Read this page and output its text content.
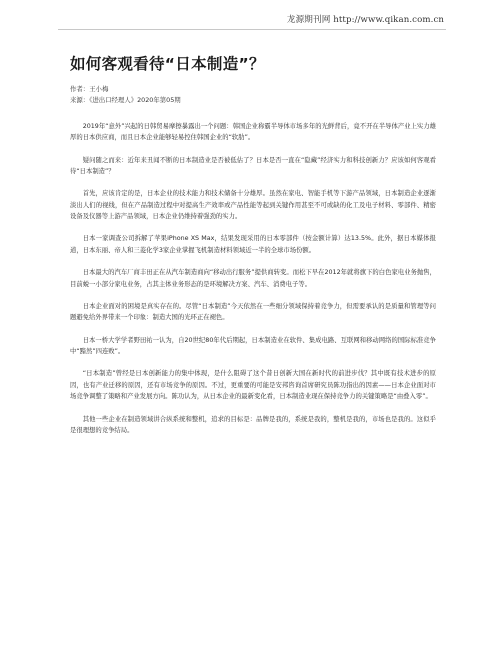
龙源期刊网 http://www.qikan.com.cn
如何客观看待“日本制造”？
作者：王小梅
来源：《进出口经理人》2020年第05期

2019年“意外”兴起的日韩贸易摩擦暴露出一个问题：韩国企业称霸半导体市场多年的光鲜背后，竟不开在半导体产业上实力雄厚的日本供应商，而且日本企业能够轻易控住韩国企业的“软肋”。

疑问随之而来：近年来丑闻不断的日本制造业是否被低估了？日本是否一直在“隐藏”经济实力和科技创新力？应该如何客观看待“日本制造”？

首先，应该肯定的是，日本企业的技术能力和技术储备十分雄厚。虽然在家电、智能手机等下游产品领域，日本制造企业逐渐淡出人们的视线，但在产品制造过程中对提高生产效率或产品性能等起到关键作用甚至不可或缺的化工及电子材料、零部件、精密设备及仪器等上游产品领域，日本企业仍维持着强劲的实力。

日本一家调查公司拆解了苹果iPhone XS Max，结果发现采用的日本零部件（按金额计算）达13.5%。此外，据日本媒体报道，日本东丽、帝人和三菱化学3家企业掌握飞机制造材料领域近一半的全球市场份额。

日本最大的汽车厂商丰田正在从汽车制造商向“移动出行服务”提供商转变。而松下早在2012年就将旗下的白色家电业务抛售，目前蜕一小部分家电业务，占其主体业务形态的是环境解决方案、汽车、消费电子等。

日本企业面对的困境是真实存在的。尽管“日本制造”今天依然在一些细分领域保持着竞争力，但需要承认的是质量和管理等问题避免给外界带来一个印象：制造大国的光环正在褪色。

日本一桥大学学者野田祐一认为，自20世纪80年代后期起，日本制造业在软件、集成电路、互联网和移动网络的国际标准竞争中“黯然”四连败”。

“日本制造”曾经是日本创新能力的集中体现，是什么阻碍了这个昔日创新大国在新时代的前进步伐？其中既有技术进步的原因，也有产业迁移的原因，还有市场竞争的原因。不过，更重要的可能是安邦咨询首席研究员陈功指出的因素——日本企业面对市场竞争调整了策略和产业发展方向。陈功认为，从日本企业的最新变化看，日本制造业现在保持竞争力的关键策略是“由叠入零”。

其他一些企业在制造领域讲合纵系统和整机，追求的目标是：品牌是我的，系统是我的，整机是我的，市场也是我的。这似乎是很理想的竞争结局。
